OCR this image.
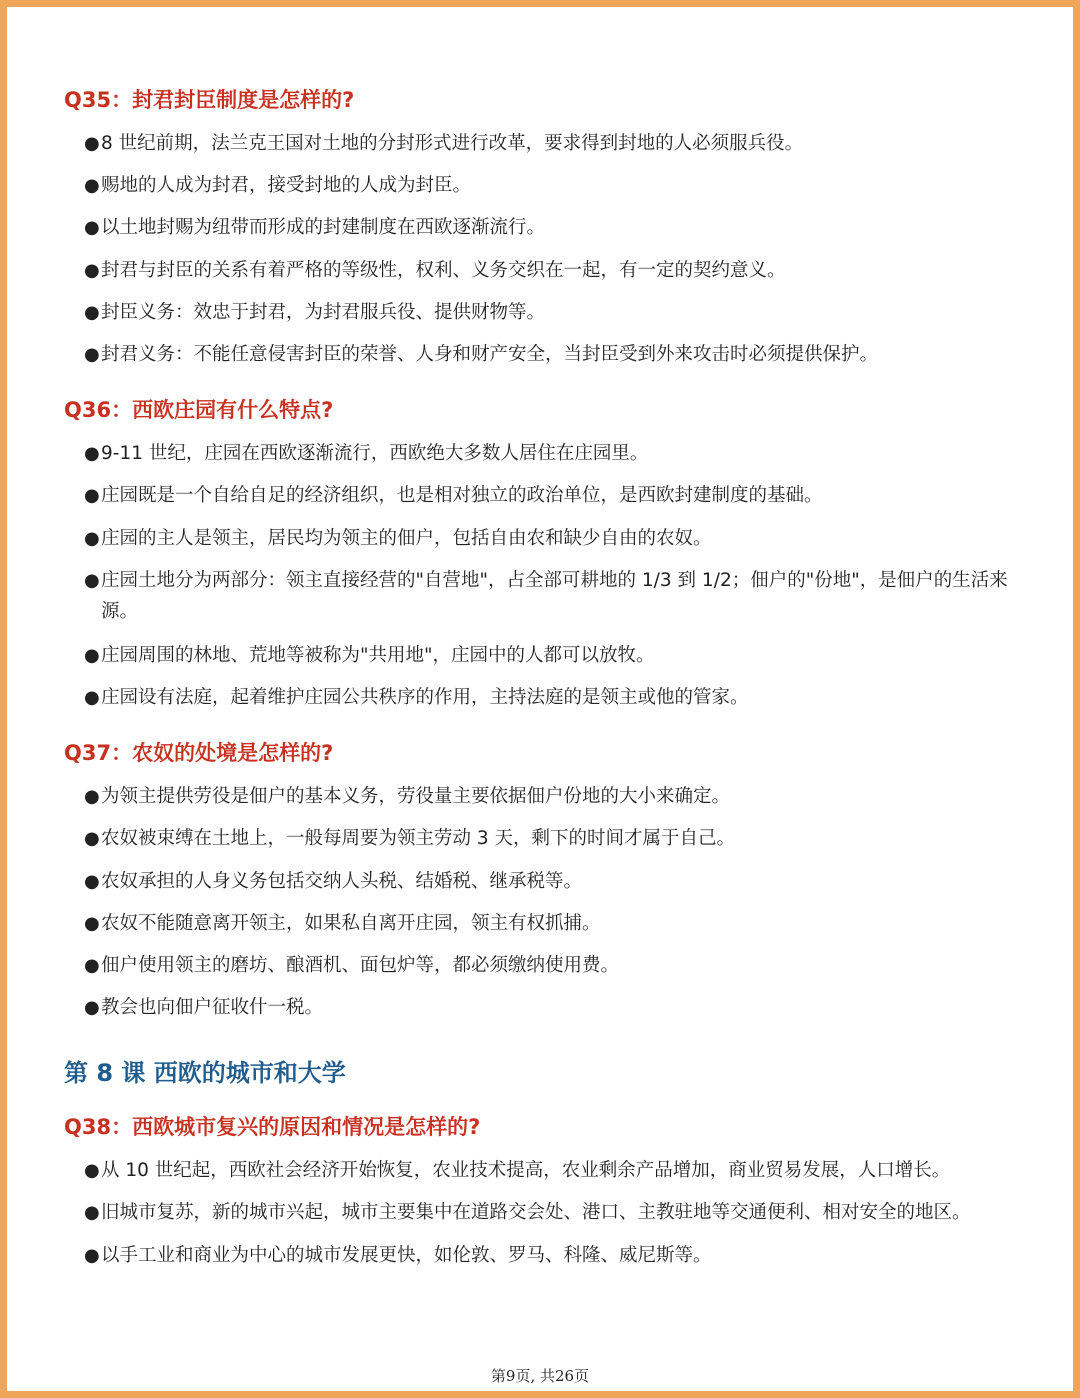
Q35：封君封臣制度是怎样的?
● 8 世纪前期，法兰克王国对土地的分封形式进行改革，要求得到封地的人必须服兵役。
● 赐地的人成为封君，接受封地的人成为封臣。
● 以土地封赐为纽带而形成的封建制度在西欧逐渐流行。
● 封君与封臣的关系有着严格的等级性，权利、义务交织在一起，有一定的契约意义。
● 封臣义务：效忠于封君，为封君服兵役、提供财物等。
● 封君义务：不能任意侵害封臣的荣誉、人身和财产安全，当封臣受到外来攻击时必须提供保护。
Q36：西欧庄园有什么特点?
● 9-11 世纪，庄园在西欧逐渐流行，西欧绝大多数人居住在庄园里。
● 庄园既是一个自给自足的经济组织，也是相对独立的政治单位，是西欧封建制度的基础。
● 庄园的主人是领主，居民均为领主的佃户，包括自由农和缺少自由的农奴。
● 庄园土地分为两部分：领主直接经营的"自营地"，占全部可耕地的 1/3 到 1/2；佃户的"份地"，是佃户的生活来源。
● 庄园周围的林地、荒地等被称为"共用地"，庄园中的人都可以放牧。
● 庄园设有法庭，起着维护庄园公共秩序的作用，主持法庭的是领主或他的管家。
Q37：农奴的处境是怎样的?
● 为领主提供劳役是佃户的基本义务，劳役量主要依据佃户份地的大小来确定。
● 农奴被束缚在土地上，一般每周要为领主劳动 3 天，剩下的时间才属于自己。
● 农奴承担的人身义务包括交纳人头税、结婚税、继承税等。
● 农奴不能随意离开领主，如果私自离开庄园，领主有权抓捕。
● 佃户使用领主的磨坊、酿酒机、面包炉等，都必须缴纳使用费。
● 教会也向佃户征收什一税。
第 8 课 西欧的城市和大学
Q38：西欧城市复兴的原因和情况是怎样的?
● 从 10 世纪起，西欧社会经济开始恢复，农业技术提高，农业剩余产品增加，商业贸易发展，人口增长。
● 旧城市复苏，新的城市兴起，城市主要集中在道路交会处、港口、主教驻地等交通便利、相对安全的地区。
● 以手工业和商业为中心的城市发展更快，如伦敦、罗马、科隆、威尼斯等。
第9页, 共26页
